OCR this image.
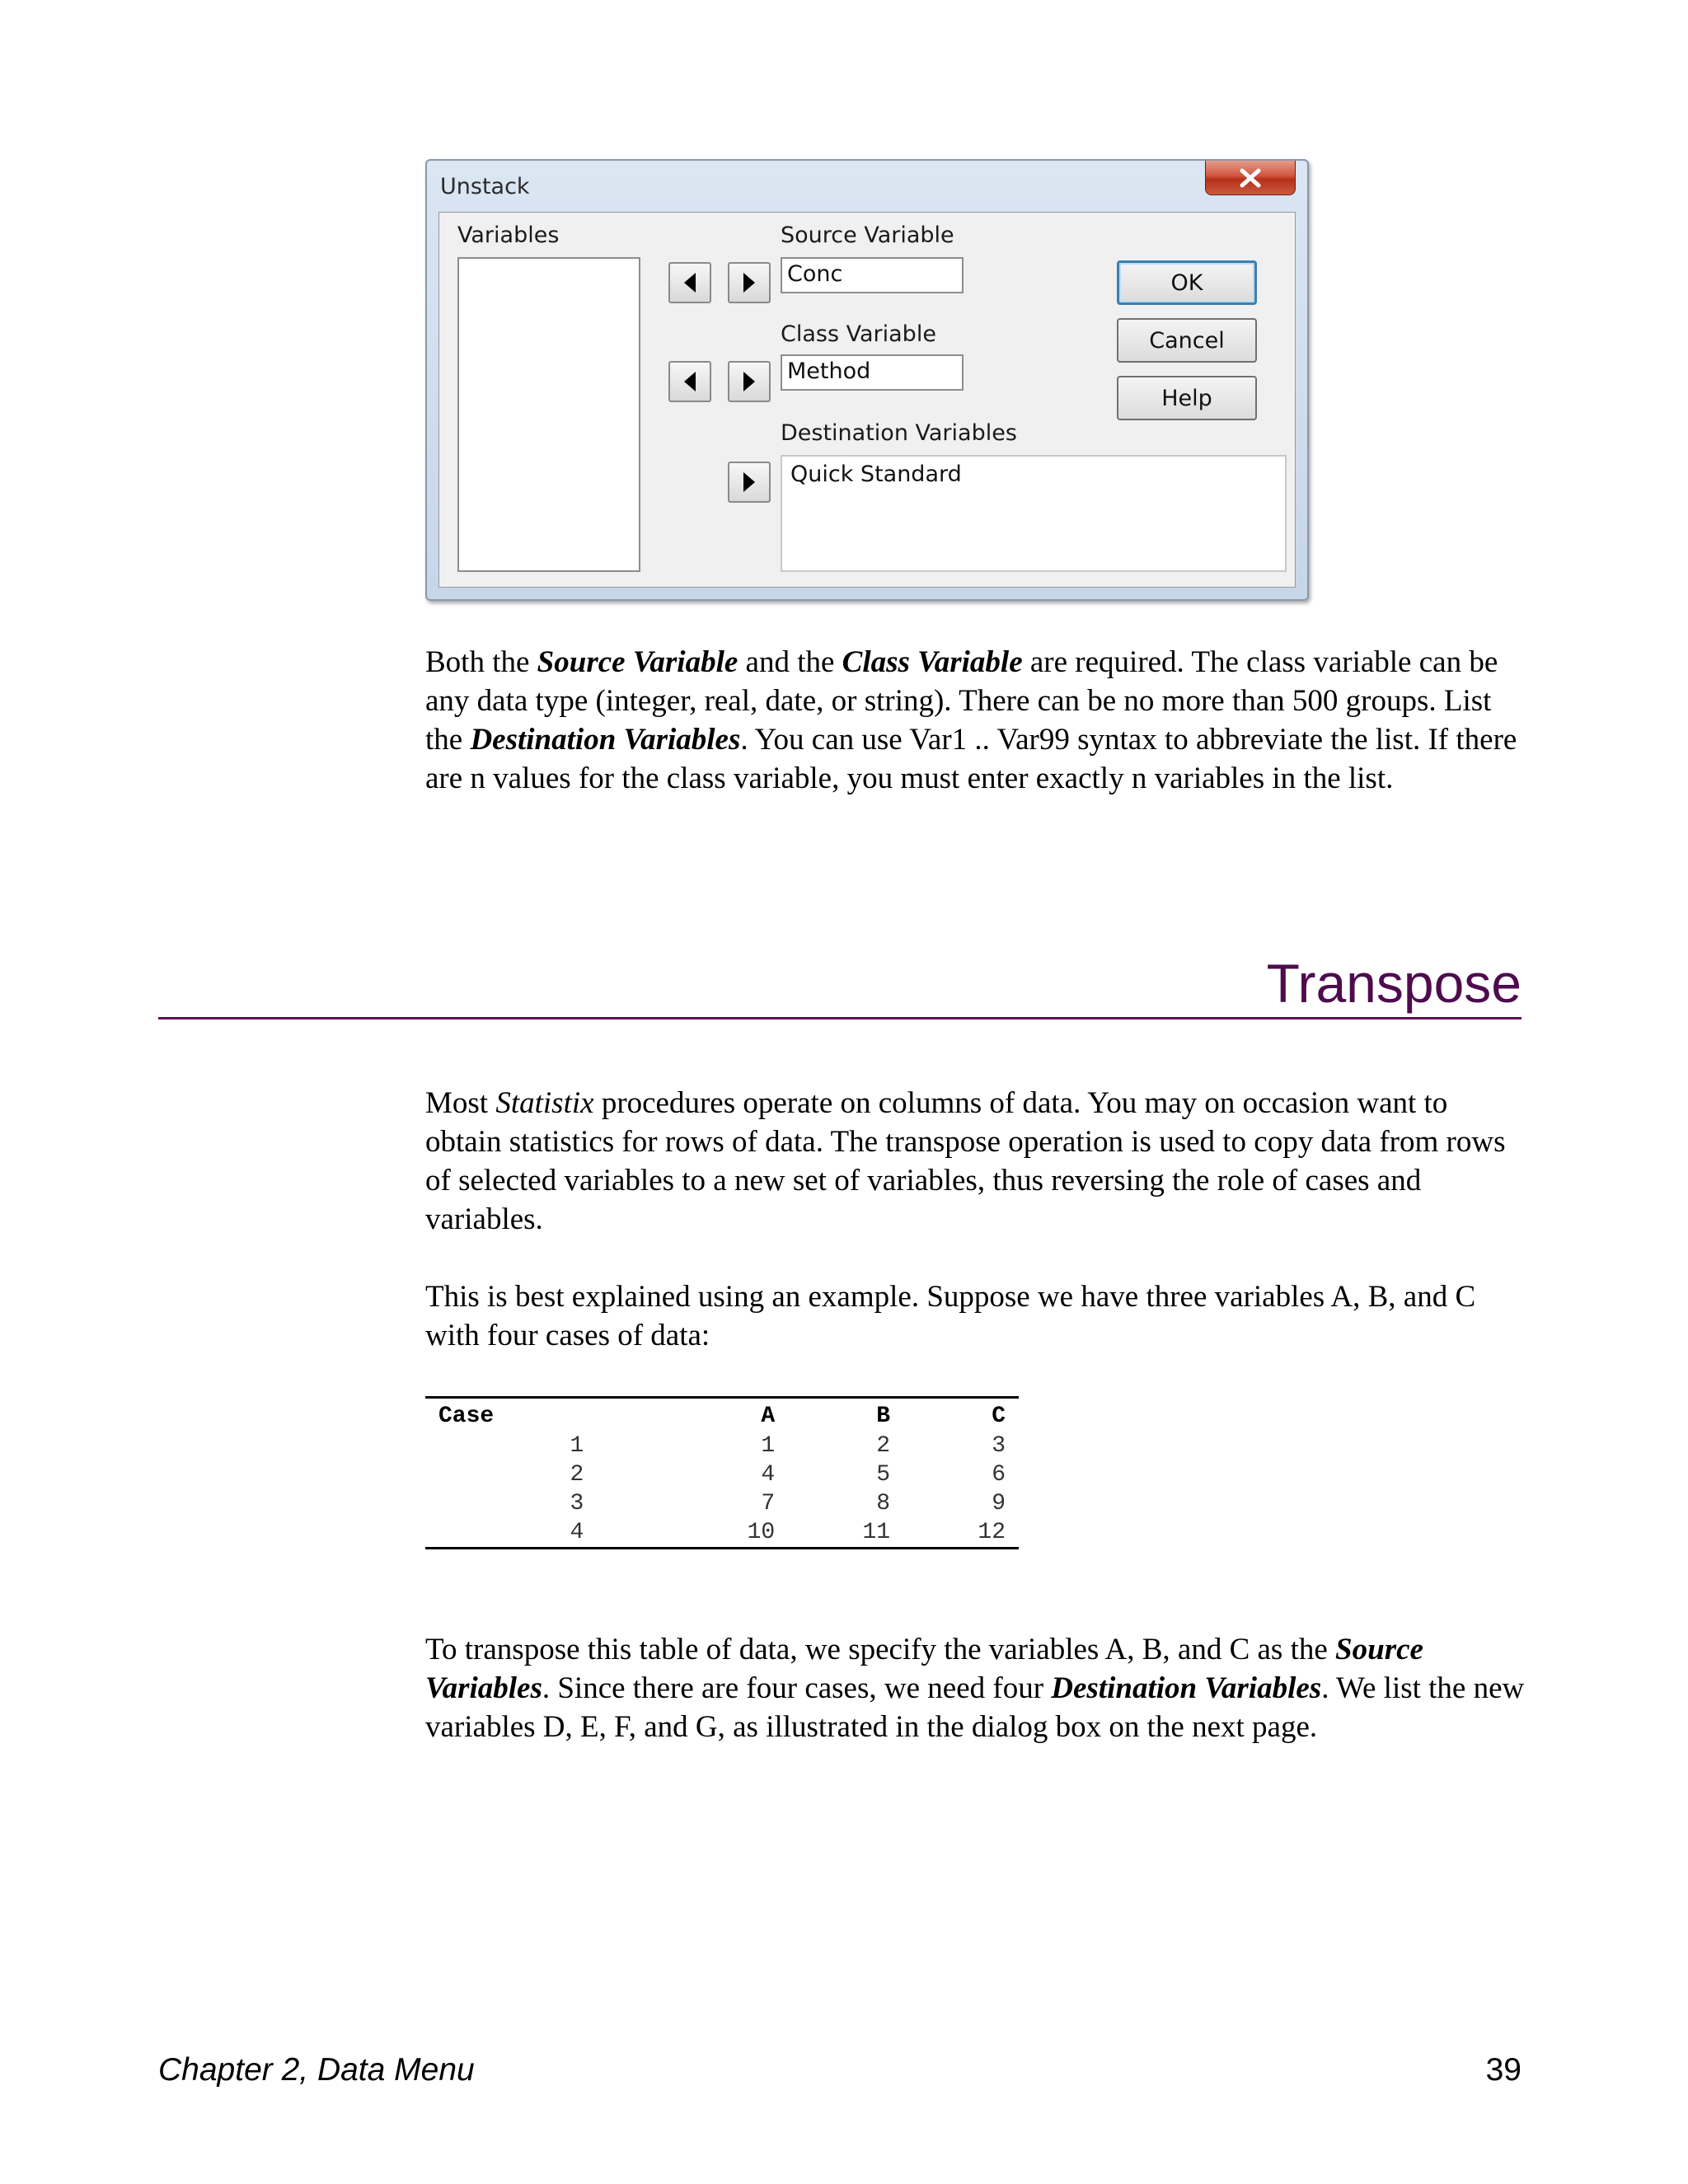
Unstack
Variables	Source Variable
Conc
Class Variable
Method
Destination Variables
Quick Standard
OK
Cancel
Help

Both the Source Variable and the Class Variable are required. The class variable can be any data type (integer, real, date, or string). There can be no more than 500 groups. List the Destination Variables. You can use Var1 .. Var99 syntax to abbreviate the list. If there are n values for the class variable, you must enter exactly n variables in the list.

Transpose

Most Statistix procedures operate on columns of data. You may on occasion want to obtain statistics for rows of data. The transpose operation is used to copy data from rows of selected variables to a new set of variables, thus reversing the role of cases and variables.

This is best explained using an example. Suppose we have three variables A, B, and C with four cases of data:

Case	A	B	C
1	1	2	3
2	4	5	6
3	7	8	9
4	10	11	12

To transpose this table of data, we specify the variables A, B, and C as the Source Variables. Since there are four cases, we need four Destination Variables. We list the new variables D, E, F, and G, as illustrated in the dialog box on the next page.

Chapter 2, Data Menu	39
